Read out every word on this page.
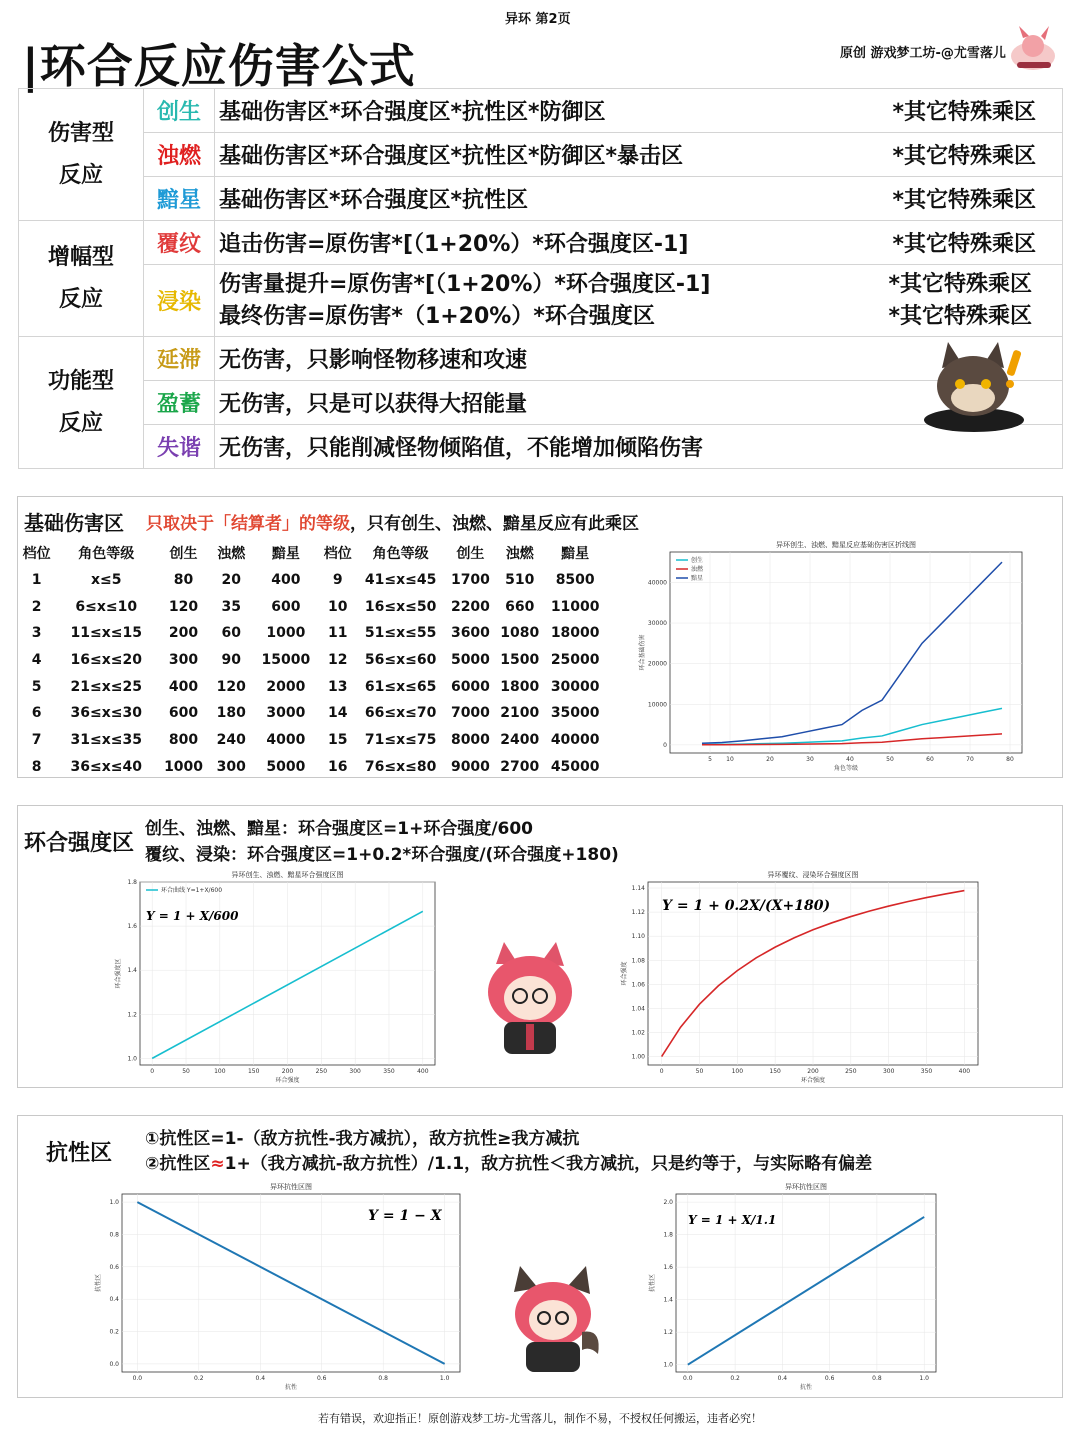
异环 第2页
|环合反应伤害公式	原创 游戏梦工坊-@尤雪落儿
伤害型
反应	创生	基础伤害区*环合强度区*抗性区*防御区 *其它特殊乘区

	浊燃	基础伤害区*环合强度区*抗性区*防御区*暴击区 *其它特殊乘区

	黯星	基础伤害区*环合强度区*抗性区 *其它特殊乘区

增幅型
反应	覆纹	追击伤害=原伤害*[（1+20%）*环合强度区-1] *其它特殊乘区

	浸染	伤害量提升=原伤害*[（1+20%）*环合强度区-1] *其它特殊乘区
最终伤害=原伤害*（1+20%）*环合强度区 *其它特殊乘区

功能型
反应	延滞	无伤害，只影响怪物移速和攻速
	盈蓄	无伤害，只是可以获得大招能量
	失谐	无伤害，只能削减怪物倾陷值，不能增加倾陷伤害
基础伤害区 只取决于「结算者」的等级，只有创生、浊燃、黯星反应有此乘区
档位	角色等级	创生	浊燃	黯星
1	x≤5	80	20	400
2	6≤x≤10	120	35	600
3	11≤x≤15	200	60	1000
4	16≤x≤20	300	90	15000
5	21≤x≤25	400	120	2000
6	36≤x≤30	600	180	3000
7	31≤x≤35	800	240	4000
8	36≤x≤40	1000	300	5000
档位	角色等级	创生	浊燃	黯星
9	41≤x≤45	1700	510	8500
10	16≤x≤50	2200	660	11000
11	51≤x≤55	3600	1080	18000
12	56≤x≤60	5000	1500	25000
13	61≤x≤65	6000	1800	30000
14	66≤x≤70	7000	2100	35000
15	71≤x≤75	8000	2400	40000
16	76≤x≤80	9000	2700	45000
异环创生、浊燃、黯星反应基础伤害区折线图
5 10	20	30	40	50	60	70	80
0
10000
20000
30000
40000
角色等级
环合基础伤害
创生
浊燃
黯星
环合强度区
创生、浊燃、黯星：环合强度区=1+环合强度/600
覆纹、浸染：环合强度区=1+0.2*环合强度/(环合强度+180)
异环创生、浊燃、黯星环合强度区图
0	50	100	150	200	250	300	350	400
1.0
1.2
1.4
1.6
1.8
环合强度
环合强度区
环合曲线 Y=1+X/600
Y = 1 + X/600
异环覆纹、浸染环合强度区图
0	50	100	150	200	250	300	350	400
1.00
1.02
1.04
1.06
1.08
1.10
1.12
1.14
环合强度
环合强度
Y = 1 + 0.2X/(X+180)
抗性区
①抗性区=1-（敌方抗性-我方减抗），敌方抗性≥我方减抗
②抗性区≈1+（我方减抗-敌方抗性）/1.1，敌方抗性＜我方减抗，只是约等于，与实际略有偏差
异环抗性区图
0.0	0.2	0.4	0.6	0.8	1.0
0.0
0.2
0.4
0.6
0.8
1.0
抗性
抗性区
Y = 1 − X
异环抗性区图
0.0	0.2	0.4	0.6	0.8	1.0
1.0
1.2
1.4
1.6
1.8
2.0
抗性
抗性区
Y = 1 + X/1.1
若有错误，欢迎指正！原创游戏梦工坊-尤雪落儿，制作不易，不授权任何搬运，违者必究！
